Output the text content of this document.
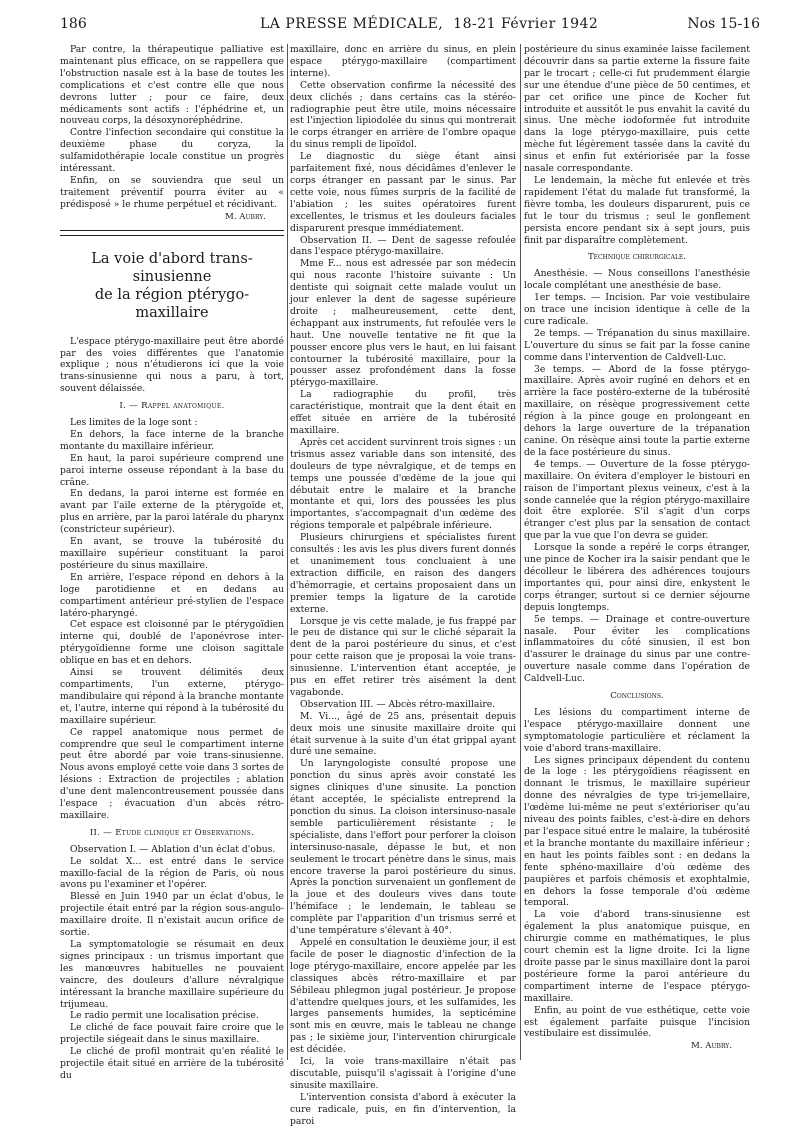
186	LA PRESSE MÉDICALE, 18-21 Février 1942	Nos 15-16

Par contre, la thérapeutique palliative est maintenant plus efficace, on se rappellera que l'obstruction nasale est à la base de toutes les complications et c'est contre elle que nous devrons lutter ; pour ce faire, deux médicaments sont actifs : l'éphédrine et, un nouveau corps, la désoxynoréphédrine.

Contre l'infection secondaire qui constitue la deuxième phase du coryza, la sulfamidothérapie locale constitue un progrès intéressant.

Enfin, on se souviendra que seul un traitement préventif pourra éviter au « prédisposé » le rhume perpétuel et récidivant.

M. Aubry.
La voie d'abord trans-sinusienne
de la région ptérygo-maxillaire

L'espace ptérygo-maxillaire peut être abordé par des voies différentes que l'anatomie explique ; nous n'étudierons ici que la voie trans-sinusienne qui nous a paru, à tort, souvent délaissée.

I. — Rappel anatomique.

Les limites de la loge sont :

En dehors, la face interne de la branche montante du maxillaire inférieur.

En haut, la paroi supérieure comprend une paroi interne osseuse répondant à la base du crâne.

En dedans, la paroi interne est formée en avant par l'aile externe de la ptérygoïde et, plus en arrière, par la paroi latérale du pharynx (constricteur supérieur).

En avant, se trouve la tubérosité du maxillaire supérieur constituant la paroi postérieure du sinus maxillaire.

En arrière, l'espace répond en dehors à la loge parotidienne et en dedans au compartiment antérieur pré-stylien de l'espace latéro-pharyngé.

Cet espace est cloisonné par le ptérygoïdien interne qui, doublé de l'aponévrose inter-ptérygoïdienne forme une cloison sagittale oblique en bas et en dehors.

Ainsi se trouvent délimités deux compartiments, l'un externe, ptérygo-mandibulaire qui répond à la branche montante et, l'autre, interne qui répond à la tubérosité du maxillaire supérieur.

Ce rappel anatomique nous permet de comprendre que seul le compartiment interne peut être abordé par voie trans-sinusienne. Nous avons employé cette voie dans 3 sortes de lésions : Extraction de projectiles ; ablation d'une dent malencontreusement poussée dans l'espace ; évacuation d'un abcès rétro-maxillaire.

II. — Etude clinique et Observations.

Observation I. — Ablation d'un éclat d'obus.

Le soldat X... est entré dans le service maxillo-facial de la région de Paris, où nous avons pu l'examiner et l'opérer.

Blessé en Juin 1940 par un éclat d'obus, le projectile était entré par la région sous-angulo-maxillaire droite. Il n'existait aucun orifice de sortie.

La symptomatologie se résumait en deux signes principaux : un trismus important que les manœuvres habituelles ne pouvaient vaincre, des douleurs d'allure névralgique intéressant la branche maxillaire supérieure du trijumeau.

Le radio permit une localisation précise.

Le cliché de face pouvait faire croire que le projectile siégeait dans le sinus maxillaire.

Le cliché de profil montrait qu'en réalité le projectile était situé en arrière de la tubérosité du

maxillaire, donc en arrière du sinus, en plein espace ptérygo-maxillaire (compartiment interne).

Cette observation confirme la nécessité des deux clichés ; dans certains cas la stéréo-radiographie peut être utile, moins nécessaire est l'injection lipiodolée du sinus qui montrerait le corps étranger en arrière de l'ombre opaque du sinus rempli de lipoïdol.

Le diagnostic du siège étant ainsi parfaitement fixé, nous décidâmes d'enlever le corps étranger en passant par le sinus. Par cette voie, nous fûmes surpris de la facilité de l'abiation ; les suites opératoires furent excellentes, le trismus et les douleurs faciales disparurent presque immédiatement.

Observation II. — Dent de sagesse refoulée dans l'espace ptérygo-maxillaire.

Mme F... nous est adressée par son médecin qui nous raconte l'histoire suivante : Un dentiste qui soignait cette malade voulut un jour enlever la dent de sagesse supérieure droite ; malheureusement, cette dent, échappant aux instruments, fut refoulée vers le haut. Une nouvelle tentative ne fit que la pousser encore plus vers le haut, en lui faisant contourner la tubérosité maxillaire, pour la pousser assez profondément dans la fosse ptérygo-maxillaire.

La radiographie du profil, très caractéristique, montrait que la dent était en effet située en arrière de la tubérosité maxillaire.

Après cet accident survinrent trois signes : un trismus assez variable dans son intensité, des douleurs de type névralgique, et de temps en temps une poussée d'œdème de la joue qui débutait entre le malaire et la branche montante et qui, lors des poussées les plus importantes, s'accompagnait d'un œdème des régions temporale et palpébrale inférieure.

Plusieurs chirurgiens et spécialistes furent consultés : les avis les plus divers furent donnés et unanimement tous concluaient à une extraction difficile, en raison des dangers d'hémorragie, et certains proposaient dans un premier temps la ligature de la carotide externe.

Lorsque je vis cette malade, je fus frappé par le peu de distance qui sur le cliché séparait la dent de la paroi postérieure du sinus, et c'est pour cette raison que je proposai la voie trans-sinusienne. L'intervention étant acceptée, je pus en effet retirer très aisément la dent vagabonde.

Observation III. — Abcès rétro-maxillaire.

M. Vi..., âgé de 25 ans, présentait depuis deux mois une sinusite maxillaire droite qui était survenue à la suite d'un état grippal ayant duré une semaine.

Un laryngologiste consulté propose une ponction du sinus après avoir constaté les signes cliniques d'une sinusite. La ponction étant acceptée, le spécialiste entreprend la ponction du sinus. La cloison intersinuso-nasale semble particulièrement résistante ; le spécialiste, dans l'effort pour perforer la cloison intersinuso-nasale, dépasse le but, et non seulement le trocart pénètre dans le sinus, mais encore traverse la paroi postérieure du sinus. Après la ponction survenaient un gonflement de la joue et des douleurs vives dans toute l'hémiface ; le lendemain, le tableau se complète par l'apparition d'un trismus serré et d'une température s'élevant à 40°.

Appelé en consultation le deuxième jour, il est facile de poser le diagnostic d'infection de la loge ptérygo-maxillaire, encore appelée par les classiques abcès rétro-maxillaire et par Sébileau phlegmon jugal postérieur. Je propose d'attendre quelques jours, et les sulfamides, les larges pansements humides, la septicémine sont mis en œuvre, mais le tableau ne change pas ; le sixième jour, l'intervention chirurgicale est décidée.

Ici, la voie trans-maxillaire n'était pas discutable, puisqu'il s'agissait à l'origine d'une sinusite maxillaire.

L'intervention consista d'abord à exécuter la cure radicale, puis, en fin d'intervention, la paroi

postérieure du sinus examinée laisse facilement découvrir dans sa partie externe la fissure faite par le trocart ; celle-ci fut prudemment élargie sur une étendue d'une pièce de 50 centimes, et par cet orifice une pince de Kocher fut introduite et aussitôt le pus envahit la cavité du sinus. Une mèche iodoformée fut introduite dans la loge ptérygo-maxillaire, puis cette mèche fut légèrement tassée dans la cavité du sinus et enfin fut extériorisée par la fosse nasale correspondante.

Le lendemain, la mèche fut enlevée et très rapidement l'état du malade fut transformé, la fièvre tomba, les douleurs disparurent, puis ce fut le tour du trismus ; seul le gonflement persista encore pendant six à sept jours, puis finit par disparaître complètement.

Technique chirurgicale.

Anesthésie. — Nous conseillons l'anesthésie locale complétant une anesthésie de base.

1er temps. — Incision. Par voie vestibulaire on trace une incision identique à celle de la cure radicale.

2e temps. — Trépanation du sinus maxillaire. L'ouverture du sinus se fait par la fosse canine comme dans l'intervention de Caldvell-Luc.

3e temps. — Abord de la fosse ptérygo-maxillaire. Après avoir rugîné en dehors et en arrière la face postéro-externe de la tubérosité maxillaire, on résèque progressivement cette région à la pince gouge en prolongeant en dehors la large ouverture de la trépanation canine. On résèque ainsi toute la partie externe de la face postérieure du sinus.

4e temps. — Ouverture de la fosse ptérygo-maxillaire. On évitera d'employer le bistouri en raison de l'important plexus veineux, c'est à la sonde cannelée que la région ptérygo-maxillaire doit être explorée. S'il s'agit d'un corps étranger c'est plus par la sensation de contact que par la vue que l'on devra se guider.

Lorsque la sonde a repéré le corps étranger, une pince de Kocher ira la saisir pendant que le décolleur le libérera des adhérences toujours importantes qui, pour ainsi dire, enkystent le corps étranger, surtout si ce dernier séjourne depuis longtemps.

5e temps. — Drainage et contre-ouverture nasale. Pour éviter les complications inflammatoires du côté sinusien, il est bon d'assurer le drainage du sinus par une contre-ouverture nasale comme dans l'opération de Caldvell-Luc.

Conclusions.

Les lésions du compartiment interne de l'espace ptérygo-maxillaire donnent une symptomatologie particulière et réclament la voie d'abord trans-maxillaire.

Les signes principaux dépendent du contenu de la loge : les ptérygoïdiens réagissent en donnant le trismus, le maxillaire supérieur donne des névralgies de type tri-jemellaire, l'œdème lui-même ne peut s'extérioriser qu'au niveau des points faibles, c'est-à-dire en dehors par l'espace situé entre le malaire, la tubérosité et la branche montante du maxillaire inférieur ; en haut les points faibles sont : en dedans la fente sphéno-maxillaire d'où œdème des paupières et parfois chémosis et exophtalmie, en dehors la fosse temporale d'où œdème temporal.

La voie d'abord trans-sinusienne est également la plus anatomique puisque, en chirurgie comme en mathématiques, le plus court chemin est la ligne droite. Ici la ligne droite passe par le sinus maxillaire dont la paroi postérieure forme la paroi antérieure du compartiment interne de l'espace ptérygo-maxillaire.

Enfin, au point de vue esthétique, cette voie est également parfaite puisque l'incision vestibulaire est dissimulée.

M. Aubry.
